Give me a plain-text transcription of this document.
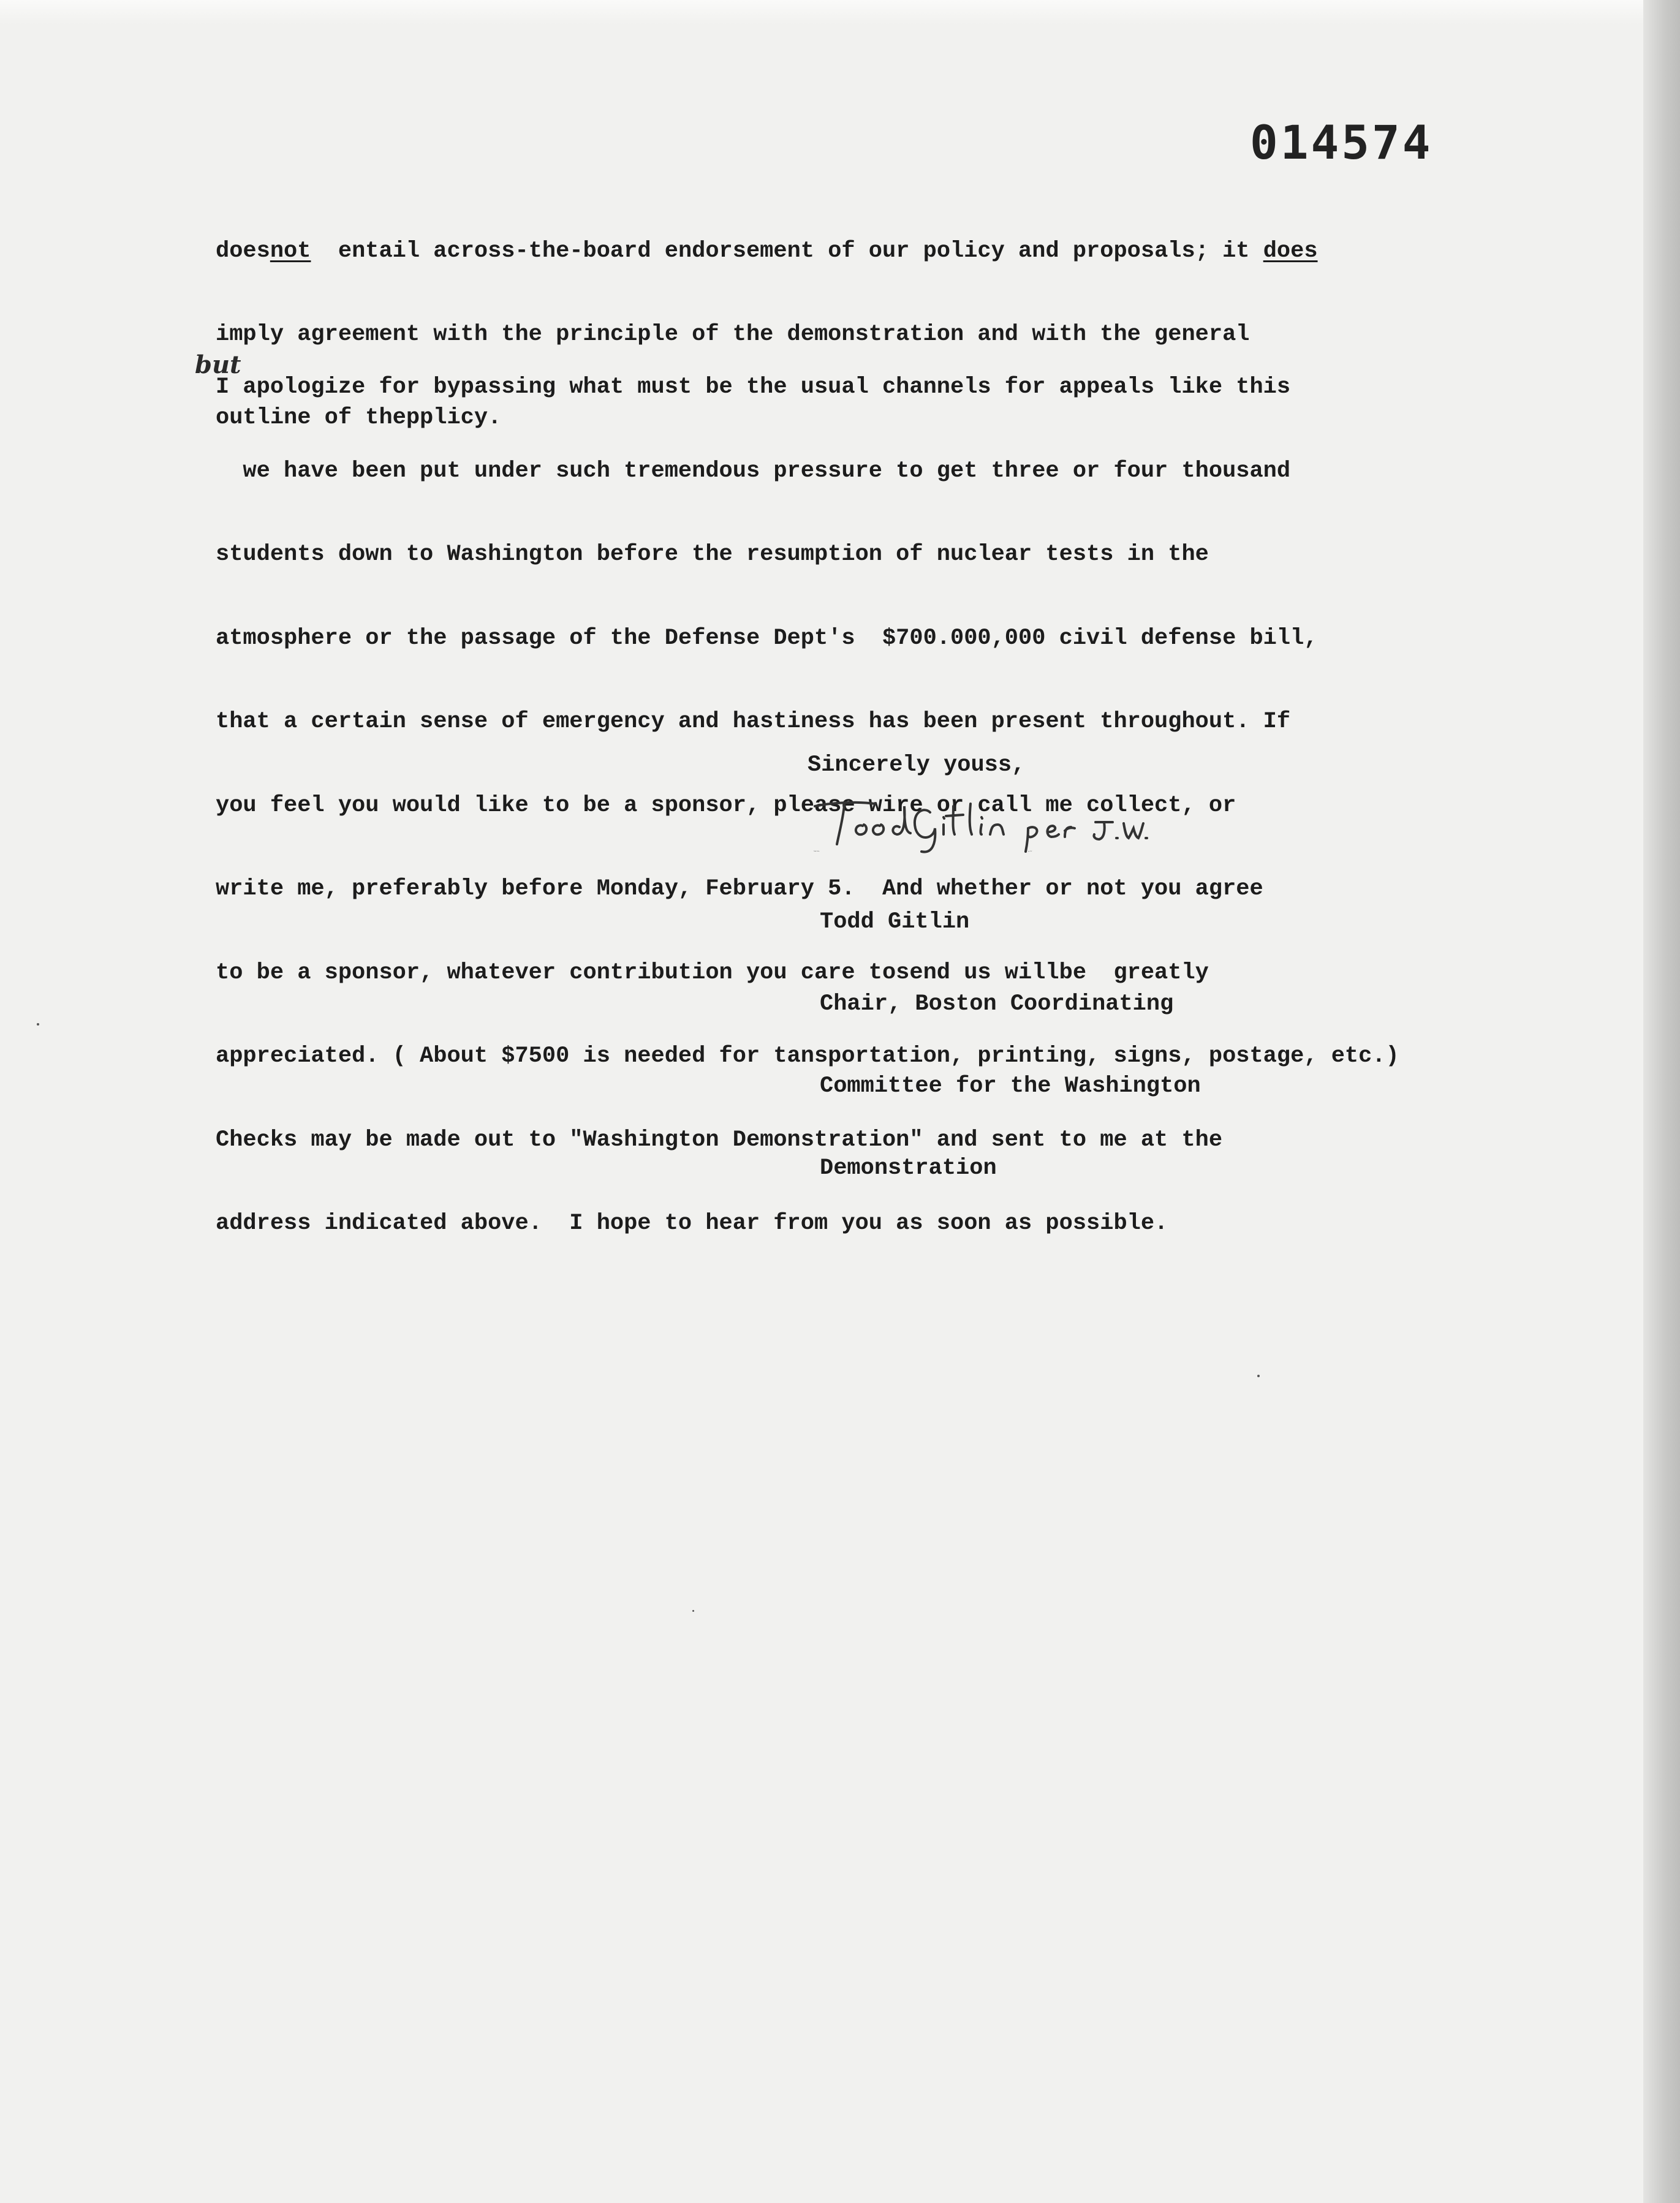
014574

doesnot  entail across-the-board endorsement of our policy and proposals; it does

imply agreement with the principle of the demonstration and with the general

outline of thepplicy.

but

I apologize for bypassing what must be the usual channels for appeals like this

we have been put under such tremendous pressure to get three or four thousand

students down to Washington before the resumption of nuclear tests in the

atmosphere or the passage of the Defense Dept's  $700.000,000 civil defense bill,

that a certain sense of emergency and hastiness has been present throughout. If

you feel you would like to be a sponsor, please wire or call me collect, or

write me, preferably before Monday, February 5.  And whether or not you agree

to be a sponsor, whatever contribution you care tosend us willbe  greatly

appreciated. ( About $7500 is needed for tansportation, printing, signs, postage, etc.)

Checks may be made out to "Washington Demonstration" and sent to me at the

address indicated above.  I hope to hear from you as soon as possible.

Sincerely youss,
Todd Gitlin	per J.W.

Todd Gitlin

Chair, Boston Coordinating

Committee for the Washington

Demonstration
